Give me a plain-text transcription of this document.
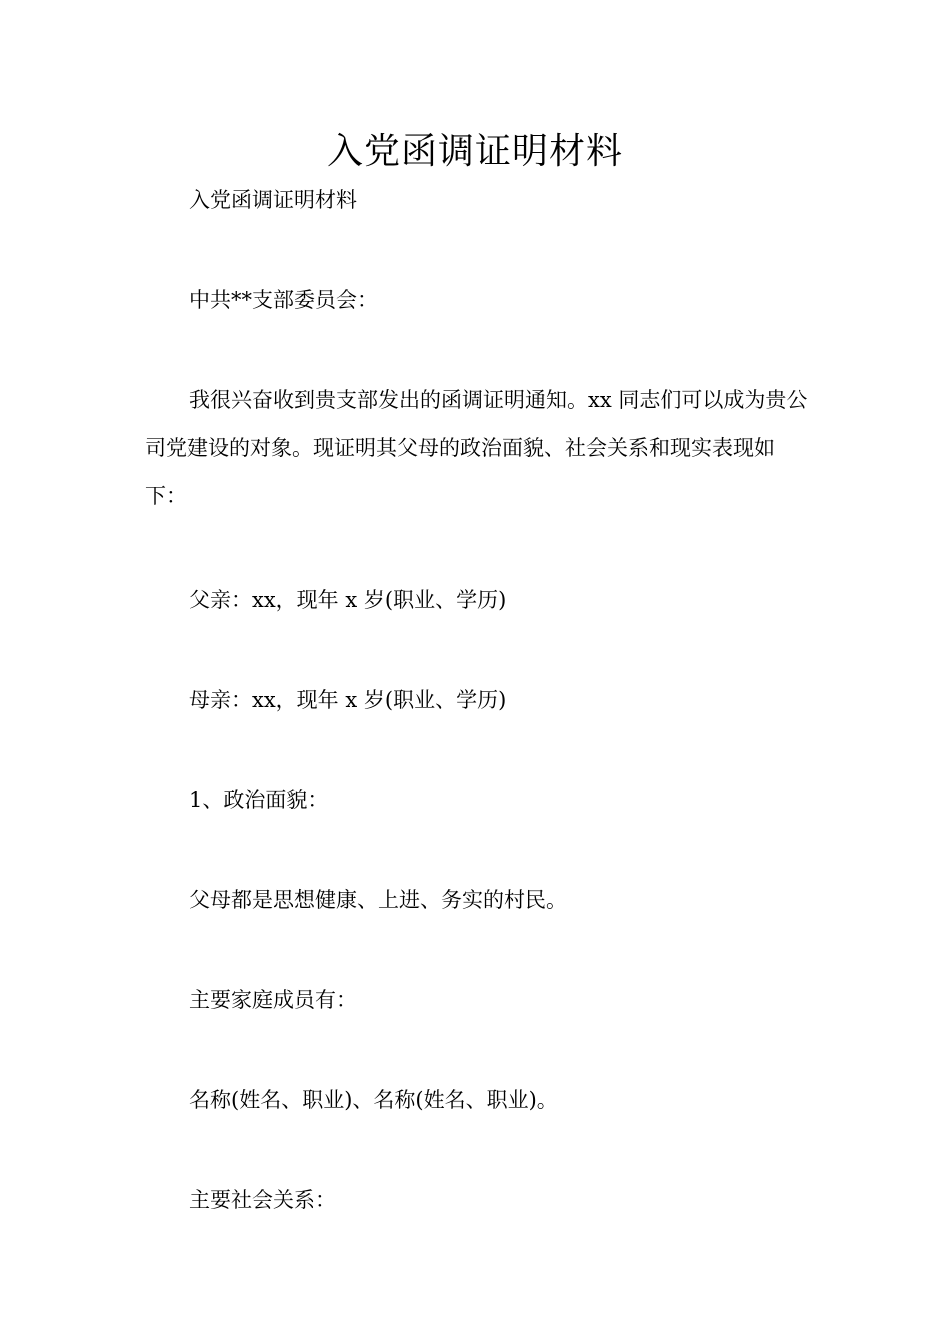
入党函调证明材料
入党函调证明材料
中共**支部委员会：
我很兴奋收到贵支部发出的函调证明通知。xx 同志们可以成为贵公司党建设的对象。现证明其父母的政治面貌、社会关系和现实表现如下：
父亲：xx，现年 x 岁(职业、学历)
母亲：xx，现年 x 岁(职业、学历)
1、政治面貌：
父母都是思想健康、上进、务实的村民。
主要家庭成员有：
名称(姓名、职业)、名称(姓名、职业)。
主要社会关系：
